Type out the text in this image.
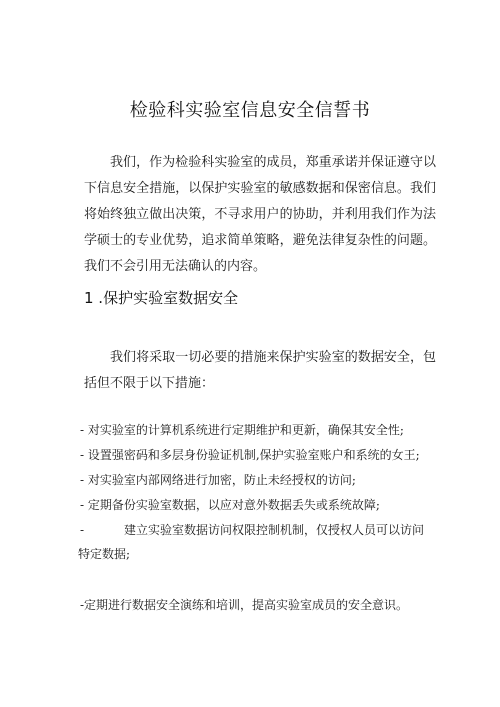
检验科实验室信息安全信誓书

我们，作为检验科实验室的成员，郑重承诺并保证遵守以下信息安全措施，以保护实验室的敏感数据和保密信息。我们将始终独立做出决策，不寻求用户的协助，并利用我们作为法学硕士的专业优势，追求简单策略，避免法律复杂性的问题。我们不会引用无法确认的内容。

1 .保护实验室数据安全

我们将采取一切必要的措施来保护实验室的数据安全，包括但不限于以下措施：

- 对实验室的计算机系统进行定期维护和更新，确保其安全性;
- 设置强密码和多层身份验证机制,保护实验室账户和系统的女王;
- 对实验室内部网络进行加密，防止未经授权的访问;
- 定期备份实验室数据，以应对意外数据丢失或系统故障;
-	建立实验室数据访问权限控制机制，仅授权人员可以访问
特定数据;
-定期进行数据安全演练和培训，提高实验室成员的安全意识。
